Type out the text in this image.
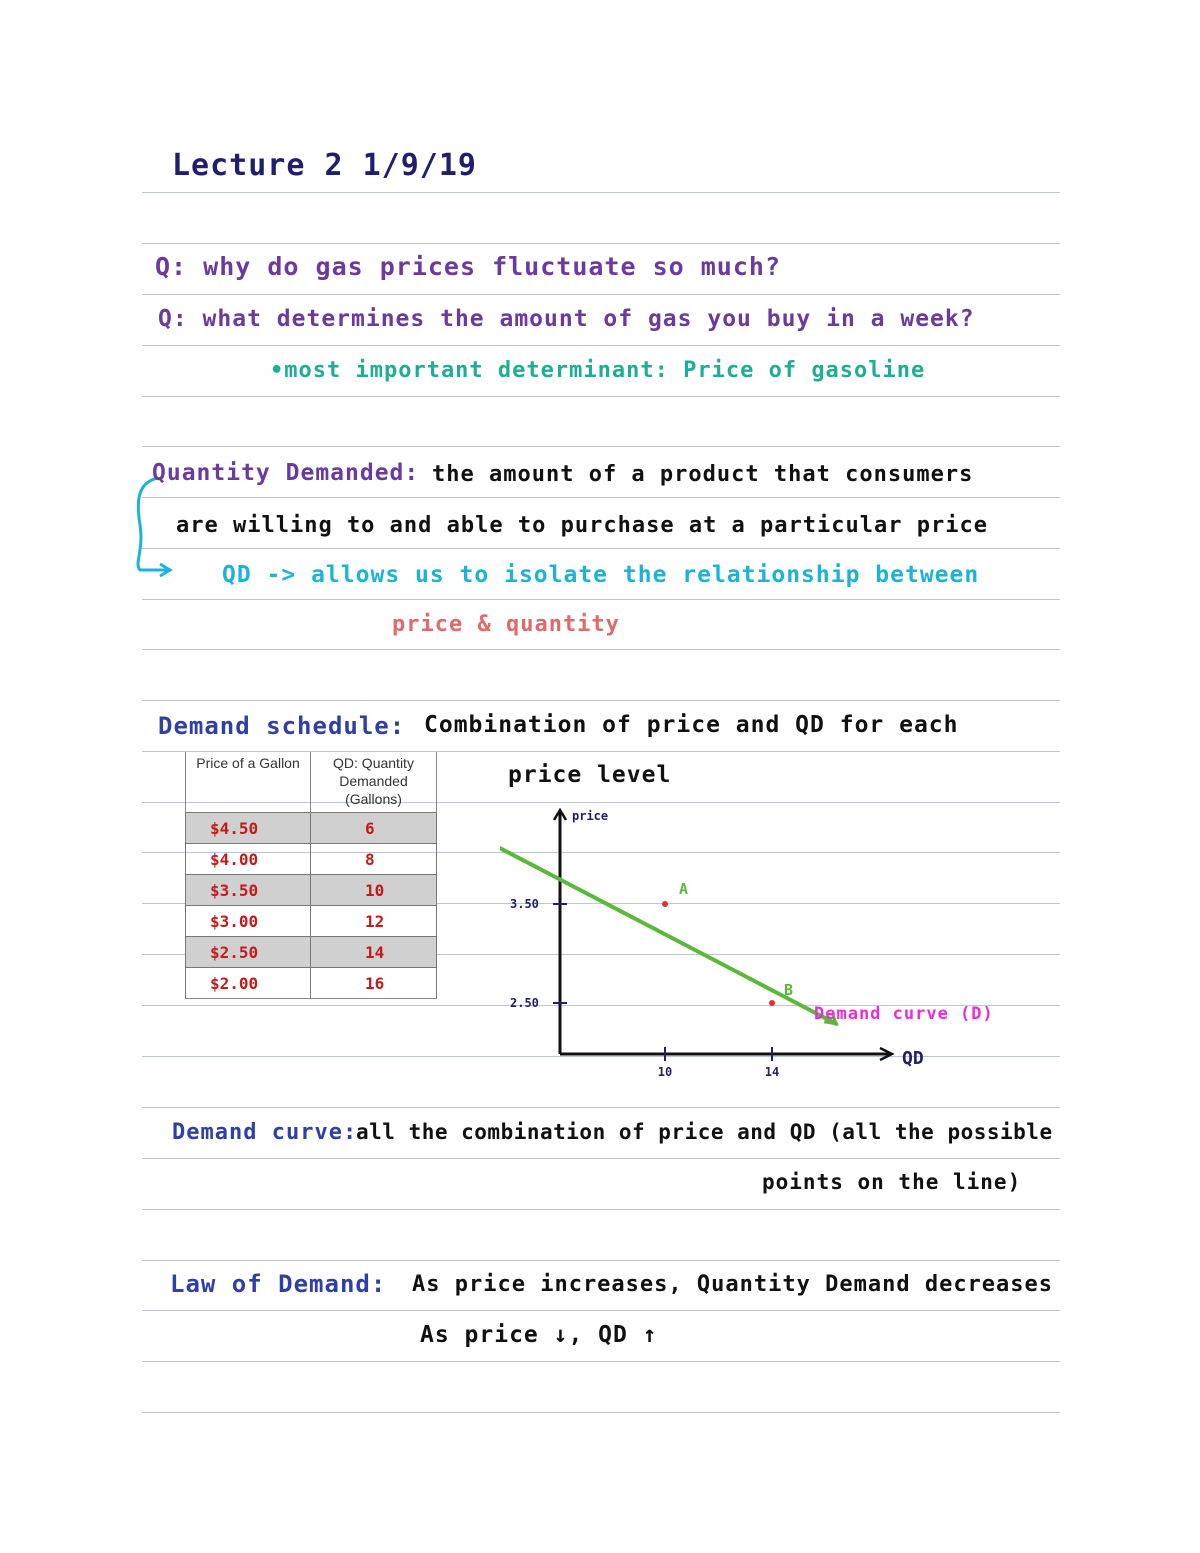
Lecture 2 1/9/19
Q: why do gas prices fluctuate so much?
Q: what determines the amount of gas you buy in a week?
•most important determinant: Price of gasoline
Quantity Demanded: the amount of a product that consumers
are willing to and able to purchase at a particular price
QD -> allows us to isolate the relationship between
price & quantity
Demand schedule: Combination of price and QD for each
price level
Price of a Gallon	QD: Quantity Demanded (Gallons)
$4.50	6
$4.00	8
$3.50	10
$3.00	12
$2.50	14
$2.00	16
price
QD
3.50
2.50
10	14
A
B
Demand curve (D)
Demand curve:
all the combination of price and QD (all the possible
points on the line)
Law of Demand: As price increases, Quantity Demand decreases
As price ↓, QD ↑
